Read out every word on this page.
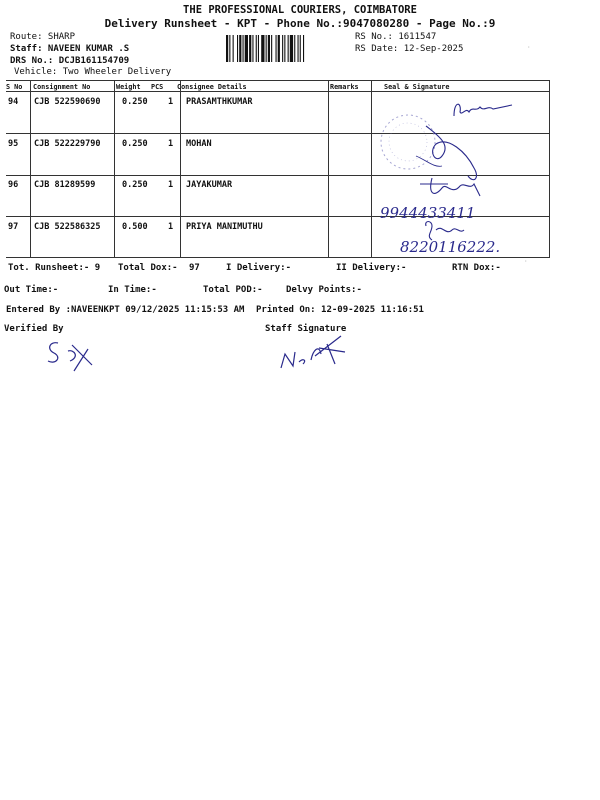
THE PROFESSIONAL COURIERS, COIMBATORE
Delivery Runsheet - KPT - Phone No.:9047080280 - Page No.:9
Route: SHARP
Staff: NAVEEN KUMAR .S
DRS No.: DCJB161154709
Vehicle: Two Wheeler Delivery
RS No.: 1611547
RS Date: 12-Sep-2025
S No Consignment No	Weight PCS Consignee Details	Remarks	Seal & Signature
94 CJB 522590690	0.250 1 PRASAMTHKUMAR
95 CJB 522229790	0.250 1 MOHAN
96 CJB 81289599	0.250 1 JAYAKUMAR
97 CJB 522586325	0.500 1 PRIYA MANIMUTHU
Tot. Runsheet:- 9 Total Dox:- 97	I Delivery:-	II Delivery:-	RTN Dox:-
Out Time:-	In Time:-	Total POD:-	Delvy Points:-
Entered By :NAVEENKPT 09/12/2025 11:15:53 AM Printed On: 12-09-2025 11:16:51
Verified By	Staff Signature
9944433411
8220116222.
·
·
